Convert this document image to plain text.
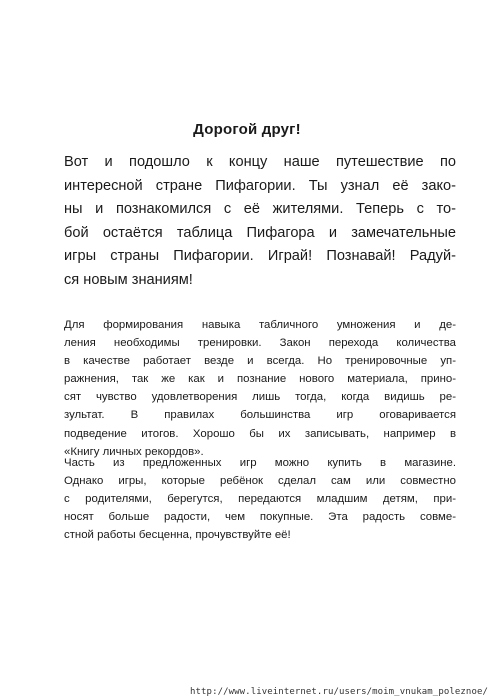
Дорогой друг!
Вот и подошло к концу наше путешествие по
интересной стране Пифагории. Ты узнал её зако-
ны и познакомился с её жителями. Теперь с то-
бой остаётся таблица Пифагора и замечательные
игры страны Пифагории. Играй! Познавай! Радуй-
ся новым знаниям!
Для формирования навыка табличного умножения и де-
ления необходимы тренировки. Закон перехода количества
в качестве работает везде и всегда. Но тренировочные уп-
ражнения, так же как и познание нового материала, прино-
сят чувство удовлетворения лишь тогда, когда видишь ре-
зультат. В правилах большинства игр оговаривается
подведение итогов. Хорошо бы их записывать, например в
«Книгу личных рекордов».
Часть из предложенных игр можно купить в магазине.
Однако игры, которые ребёнок сделал сам или совместно
с родителями, берегутся, передаются младшим детям, при-
носят больше радости, чем покупные. Эта радость совме-
стной работы бесценна, прочувствуйте её!
http://www.liveinternet.ru/users/moim_vnukam_poleznoe/
